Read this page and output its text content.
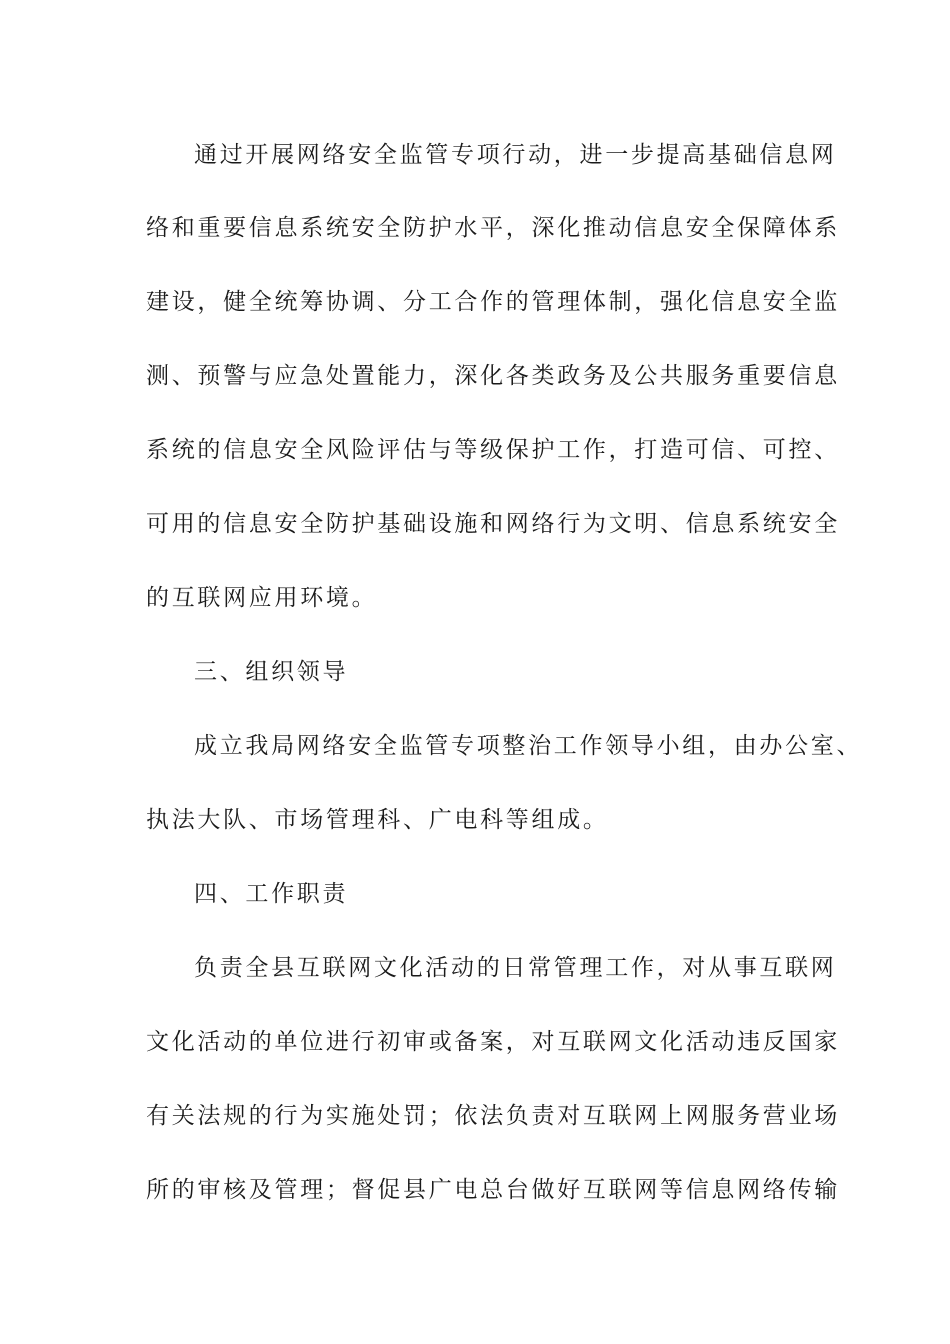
通过开展网络安全监管专项行动，进一步提高基础信息网
络和重要信息系统安全防护水平，深化推动信息安全保障体系
建设，健全统筹协调、分工合作的管理体制，强化信息安全监
测、预警与应急处置能力，深化各类政务及公共服务重要信息
系统的信息安全风险评估与等级保护工作，打造可信、可控、
可用的信息安全防护基础设施和网络行为文明、信息系统安全
的互联网应用环境。
三、组织领导
成立我局网络安全监管专项整治工作领导小组，由办公室、
执法大队、市场管理科、广电科等组成。
四、工作职责
负责全县互联网文化活动的日常管理工作，对从事互联网
文化活动的单位进行初审或备案，对互联网文化活动违反国家
有关法规的行为实施处罚；依法负责对互联网上网服务营业场
所的审核及管理；督促县广电总台做好互联网等信息网络传输
